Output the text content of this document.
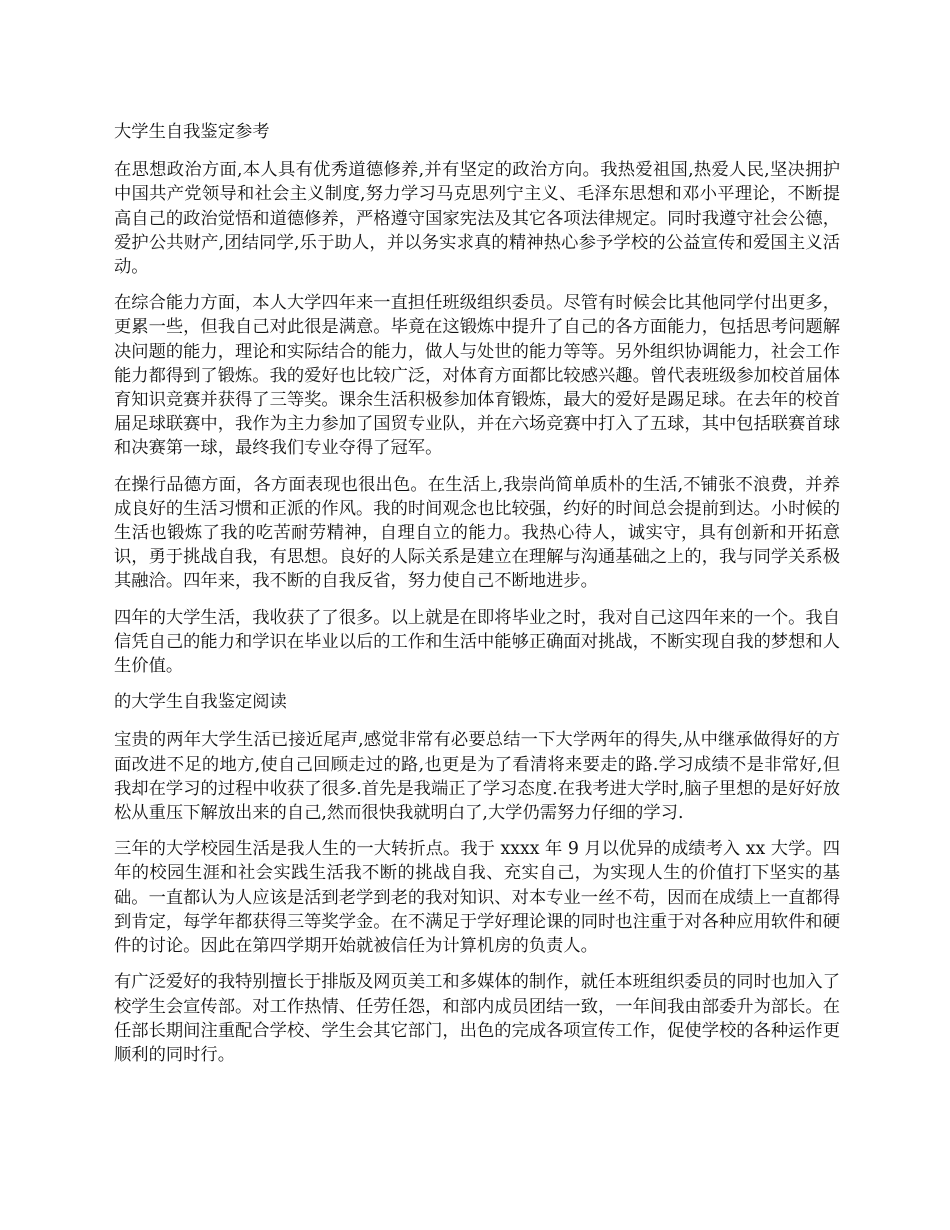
大学生自我鉴定参考

在思想政治方面,本人具有优秀道德修养,并有坚定的政治方向。我热爱祖国,热爱人民,坚决拥护中国共产党领导和社会主义制度,努力学习马克思列宁主义、毛泽东思想和邓小平理论，不断提高自己的政治觉悟和道德修养，严格遵守国家宪法及其它各项法律规定。同时我遵守社会公德，爱护公共财产,团结同学,乐于助人，并以务实求真的精神热心参予学校的公益宣传和爱国主义活动。

在综合能力方面，本人大学四年来一直担任班级组织委员。尽管有时候会比其他同学付出更多，更累一些，但我自己对此很是满意。毕竟在这锻炼中提升了自己的各方面能力，包括思考问题解决问题的能力，理论和实际结合的能力，做人与处世的能力等等。另外组织协调能力，社会工作能力都得到了锻炼。我的爱好也比较广泛，对体育方面都比较感兴趣。曾代表班级参加校首届体育知识竞赛并获得了三等奖。课余生活积极参加体育锻炼，最大的爱好是踢足球。在去年的校首届足球联赛中，我作为主力参加了国贸专业队，并在六场竞赛中打入了五球，其中包括联赛首球和决赛第一球，最终我们专业夺得了冠军。

在操行品德方面，各方面表现也很出色。在生活上,我崇尚简单质朴的生活,不铺张不浪费，并养成良好的生活习惯和正派的作风。我的时间观念也比较强，约好的时间总会提前到达。小时候的生活也锻炼了我的吃苦耐劳精神，自理自立的能力。我热心待人，诚实守，具有创新和开拓意识，勇于挑战自我，有思想。良好的人际关系是建立在理解与沟通基础之上的，我与同学关系极其融洽。四年来，我不断的自我反省，努力使自己不断地进步。

四年的大学生活，我收获了了很多。以上就是在即将毕业之时，我对自己这四年来的一个。我自信凭自己的能力和学识在毕业以后的工作和生活中能够正确面对挑战，不断实现自我的梦想和人生价值。

的大学生自我鉴定阅读

宝贵的两年大学生活已接近尾声,感觉非常有必要总结一下大学两年的得失,从中继承做得好的方面改进不足的地方,使自己回顾走过的路,也更是为了看清将来要走的路.学习成绩不是非常好,但我却在学习的过程中收获了很多.首先是我端正了学习态度.在我考进大学时,脑子里想的是好好放松从重压下解放出来的自己,然而很快我就明白了,大学仍需努力仔细的学习.

三年的大学校园生活是我人生的一大转折点。我于 xxxx 年 9 月以优异的成绩考入 xx 大学。四年的校园生涯和社会实践生活我不断的挑战自我、充实自己，为实现人生的价值打下坚实的基 础。一直都认为人应该是活到老学到老的我对知识、对本专业一丝不苟，因而在成绩上一直都得到肯定，每学年都获得三等奖学金。在不满足于学好理论课的同时也注重于对各种应用软件和硬件的讨论。因此在第四学期开始就被信任为计算机房的负责人。

有广泛爱好的我特别擅长于排版及网页美工和多媒体的制作，就任本班组织委员的同时也加入了校学生会宣传部。对工作热情、任劳任怨，和部内成员团结一致，一年间我由部委升为部长。在任部长期间注重配合学校、学生会其它部门，出色的完成各项宣传工作，促使学校的各种运作更顺利的同时行。
